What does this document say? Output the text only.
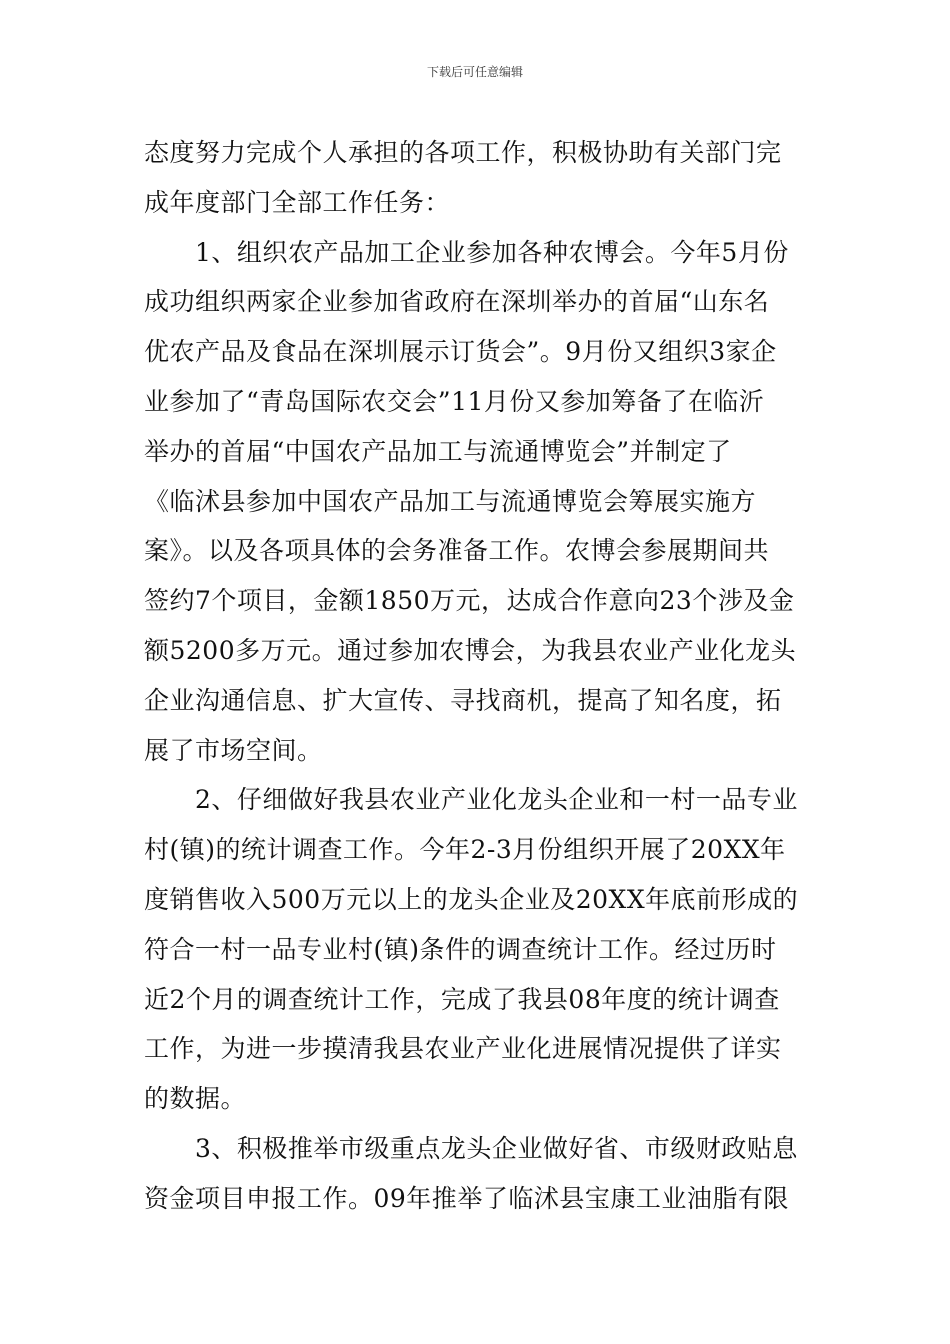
下载后可任意编辑
态度努力完成个人承担的各项工作，积极协助有关部门完
成年度部门全部工作任务：
　　1、组织农产品加工企业参加各种农博会。今年5月份
成功组织两家企业参加省政府在深圳举办的首届“山东名
优农产品及食品在深圳展示订货会”。9月份又组织3家企
业参加了“青岛国际农交会”11月份又参加筹备了在临沂
举办的首届“中国农产品加工与流通博览会”并制定了
《临沭县参加中国农产品加工与流通博览会筹展实施方
案》。以及各项具体的会务准备工作。农博会参展期间共
签约7个项目，金额1850万元，达成合作意向23个涉及金
额5200多万元。通过参加农博会，为我县农业产业化龙头
企业沟通信息、扩大宣传、寻找商机，提高了知名度，拓
展了市场空间。
　　2、仔细做好我县农业产业化龙头企业和一村一品专业
村(镇)的统计调查工作。今年2-3月份组织开展了20XX年
度销售收入500万元以上的龙头企业及20XX年底前形成的
符合一村一品专业村(镇)条件的调查统计工作。经过历时
近2个月的调查统计工作，完成了我县08年度的统计调查
工作，为进一步摸清我县农业产业化进展情况提供了详实
的数据。
　　3、积极推举市级重点龙头企业做好省、市级财政贴息
资金项目申报工作。09年推举了临沭县宝康工业油脂有限
